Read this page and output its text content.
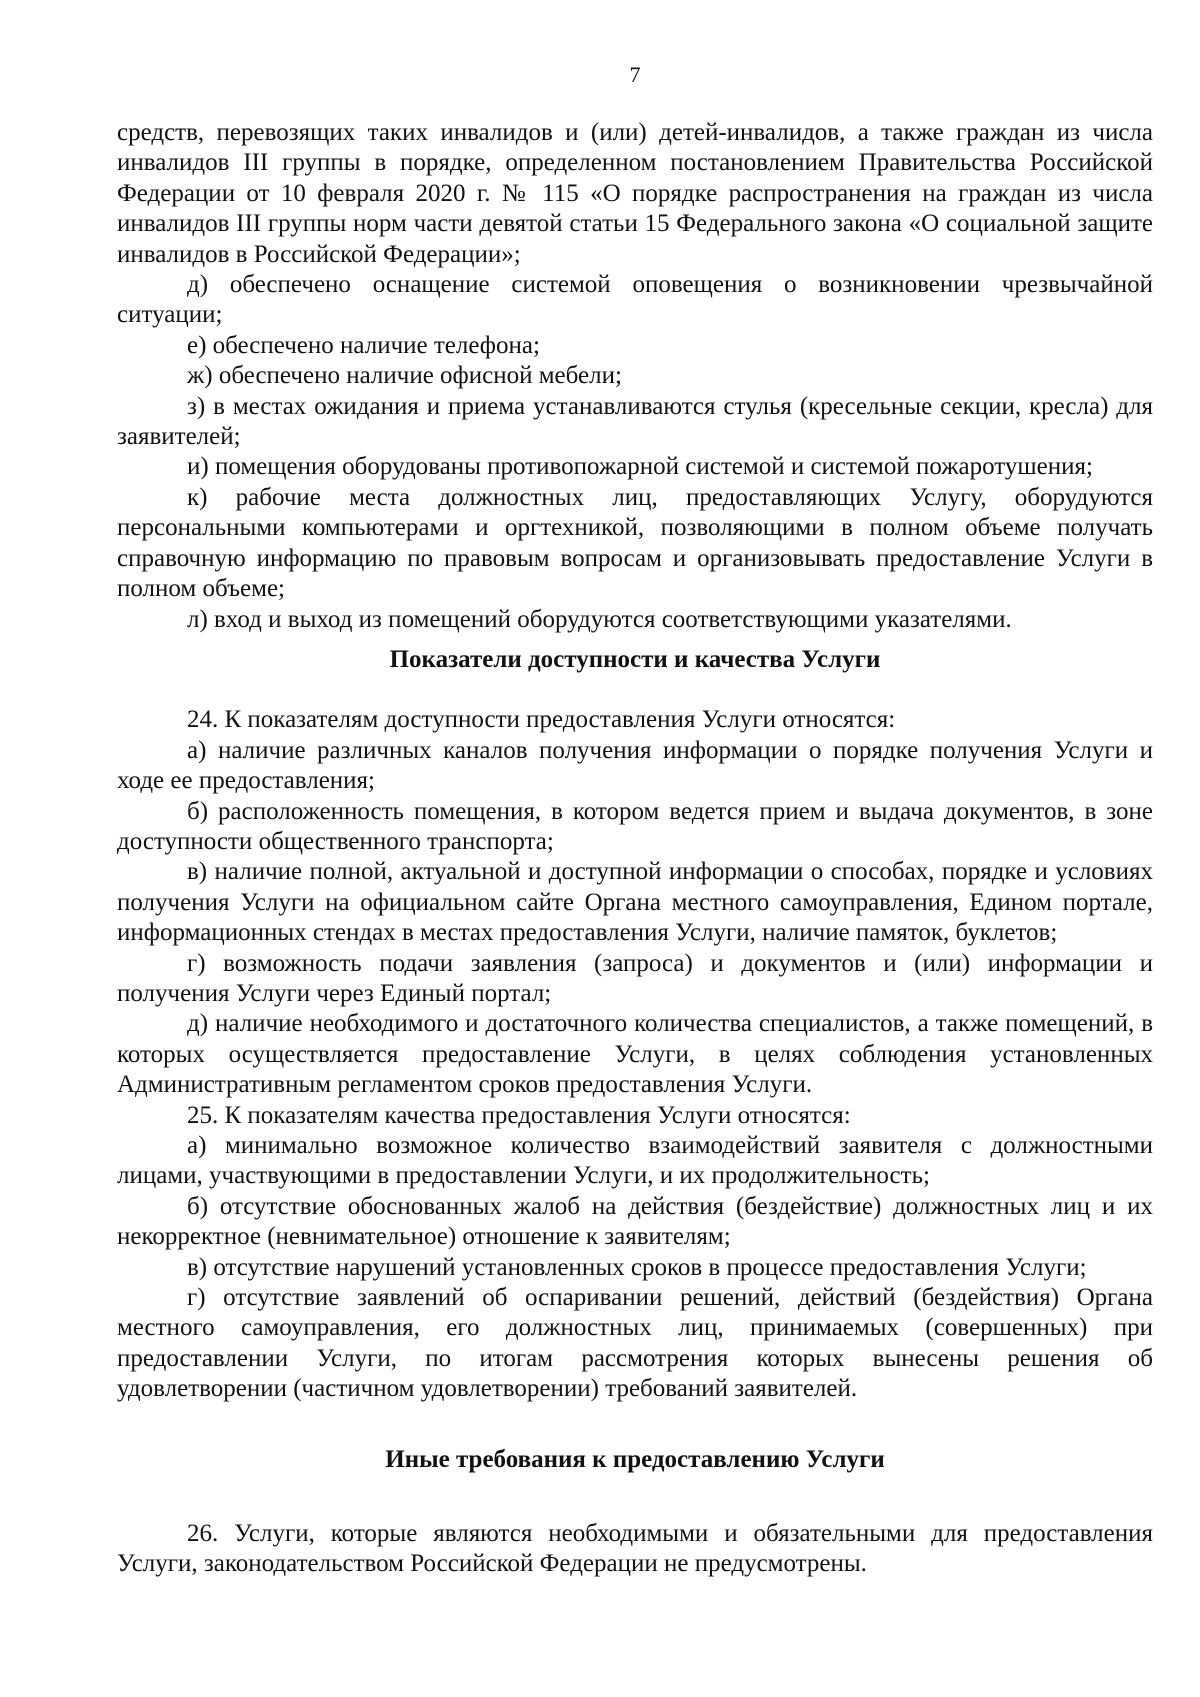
7

средств, перевозящих таких инвалидов и (или) детей-инвалидов, а также граждан из числа инвалидов III группы в порядке, определенном постановлением Правительства Российской Федерации от 10 февраля 2020 г. № 115 «О порядке распространения на граждан из числа инвалидов III группы норм части девятой статьи 15 Федерального закона «О социальной защите инвалидов в Российской Федерации»;

д) обеспечено оснащение системой оповещения о возникновении чрезвычайной ситуации;

е) обеспечено наличие телефона;

ж) обеспечено наличие офисной мебели;

з) в местах ожидания и приема устанавливаются стулья (кресельные секции, кресла) для заявителей;

и) помещения оборудованы противопожарной системой и системой пожаротушения;

к) рабочие места должностных лиц, предоставляющих Услугу, оборудуются персональными компьютерами и оргтехникой, позволяющими в полном объеме получать справочную информацию по правовым вопросам и организовывать предоставление Услуги в полном объеме;

л) вход и выход из помещений оборудуются соответствующими указателями.

Показатели доступности и качества Услуги

24. К показателям доступности предоставления Услуги относятся:

а) наличие различных каналов получения информации о порядке получения Услуги и ходе ее предоставления;

б) расположенность помещения, в котором ведется прием и выдача документов, в зоне доступности общественного транспорта;

в) наличие полной, актуальной и доступной информации о способах, порядке и условиях получения Услуги на официальном сайте Органа местного самоуправления, Едином портале, информационных стендах в местах предоставления Услуги, наличие памяток, буклетов;

г) возможность подачи заявления (запроса) и документов и (или) информации и получения Услуги через Единый портал;

д) наличие необходимого и достаточного количества специалистов, а также помещений, в которых осуществляется предоставление Услуги, в целях соблюдения установленных Административным регламентом сроков предоставления Услуги.

25. К показателям качества предоставления Услуги относятся:

а) минимально возможное количество взаимодействий заявителя с должностными лицами, участвующими в предоставлении Услуги, и их продолжительность;

б) отсутствие обоснованных жалоб на действия (бездействие) должностных лиц и их некорректное (невнимательное) отношение к заявителям;

в) отсутствие нарушений установленных сроков в процессе предоставления Услуги;

г) отсутствие заявлений об оспаривании решений, действий (бездействия) Органа местного самоуправления, его должностных лиц, принимаемых (совершенных) при предоставлении Услуги, по итогам рассмотрения которых вынесены решения об удовлетворении (частичном удовлетворении) требований заявителей.

Иные требования к предоставлению Услуги

26. Услуги, которые являются необходимыми и обязательными для предоставления Услуги, законодательством Российской Федерации не предусмотрены.
